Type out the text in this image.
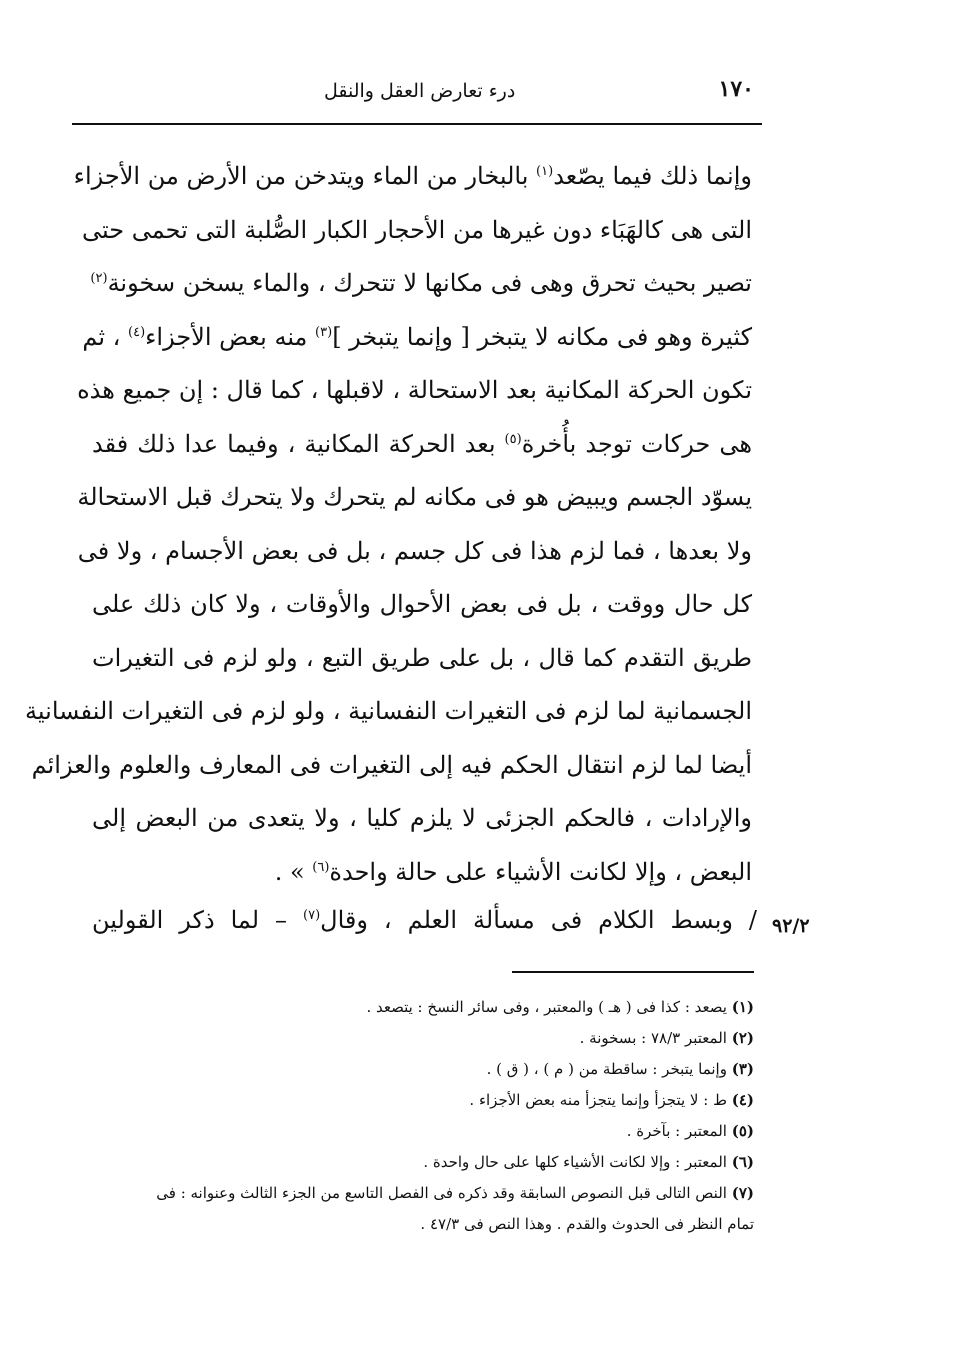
١٧٠
درء تعارض العقل والنقل
وإنما ذلك فيما يصّعد$^{(١)}$ بالبخار من الماء ويتدخن من الأرض من الأجزاء
التى هى كالهَبَاء دون غيرها من الأحجار الكبار الصُّلبة التى تحمى حتى
تصير بحيث تحرق وهى فى مكانها لا تتحرك ، والماء يسخن سخونة$^{(٢)}$
كثيرة وهو فى مكانه لا يتبخر [ وإنما يتبخر ]$^{(٣)}$ منه بعض الأجزاء$^{(٤)}$ ، ثم
تكون الحركة المكانية بعد الاستحالة ، لاقبلها ، كما قال : إن جميع هذه
هى حركات توجد بأُخرة$^{(٥)}$ بعد الحركة المكانية ، وفيما عدا ذلك فقد
يسوّد الجسم ويبيض هو فى مكانه لم يتحرك ولا يتحرك قبل الاستحالة
ولا بعدها ، فما لزم هذا فى كل جسم ، بل فى بعض الأجسام ، ولا فى
كل حال ووقت ، بل فى بعض الأحوال والأوقات ، ولا كان ذلك على
طريق التقدم كما قال ، بل على طريق التبع ، ولو لزم فى التغيرات
الجسمانية لما لزم فى التغيرات النفسانية ، ولو لزم فى التغيرات النفسانية
أيضا لما لزم انتقال الحكم فيه إلى التغيرات فى المعارف والعلوم والعزائم
والإرادات ، فالحكم الجزئى لا يلزم كليا ، ولا يتعدى من البعض إلى
البعض ، وإلا لكانت الأشياء على حالة واحدة$^{(٦)}$ » .
/ وبسط الكلام فى مسألة العلم ، وقال$^{(٧)}$ – لما ذكر القولين	٩٢/٢
(١) يصعد : كذا فى ( هـ ) والمعتبر ، وفى سائر النسخ : يتصعد .
(٢) المعتبر ٧٨/٣ : بسخونة .
(٣) وإنما يتبخر : ساقطة من ( م ) ، ( ق ) .
(٤) ط : لا يتجزأ وإنما يتجزأ منه بعض الأجزاء .
(٥) المعتبر : بآخرة .
(٦) المعتبر : وإلا لكانت الأشياء كلها على حال واحدة .
(٧) النص التالى قبل النصوص السابقة وقد ذكره فى الفصل التاسع من الجزء الثالث وعنوانه : فى
تمام النظر فى الحدوث والقدم . وهذا النص فى ٤٧/٣ .
